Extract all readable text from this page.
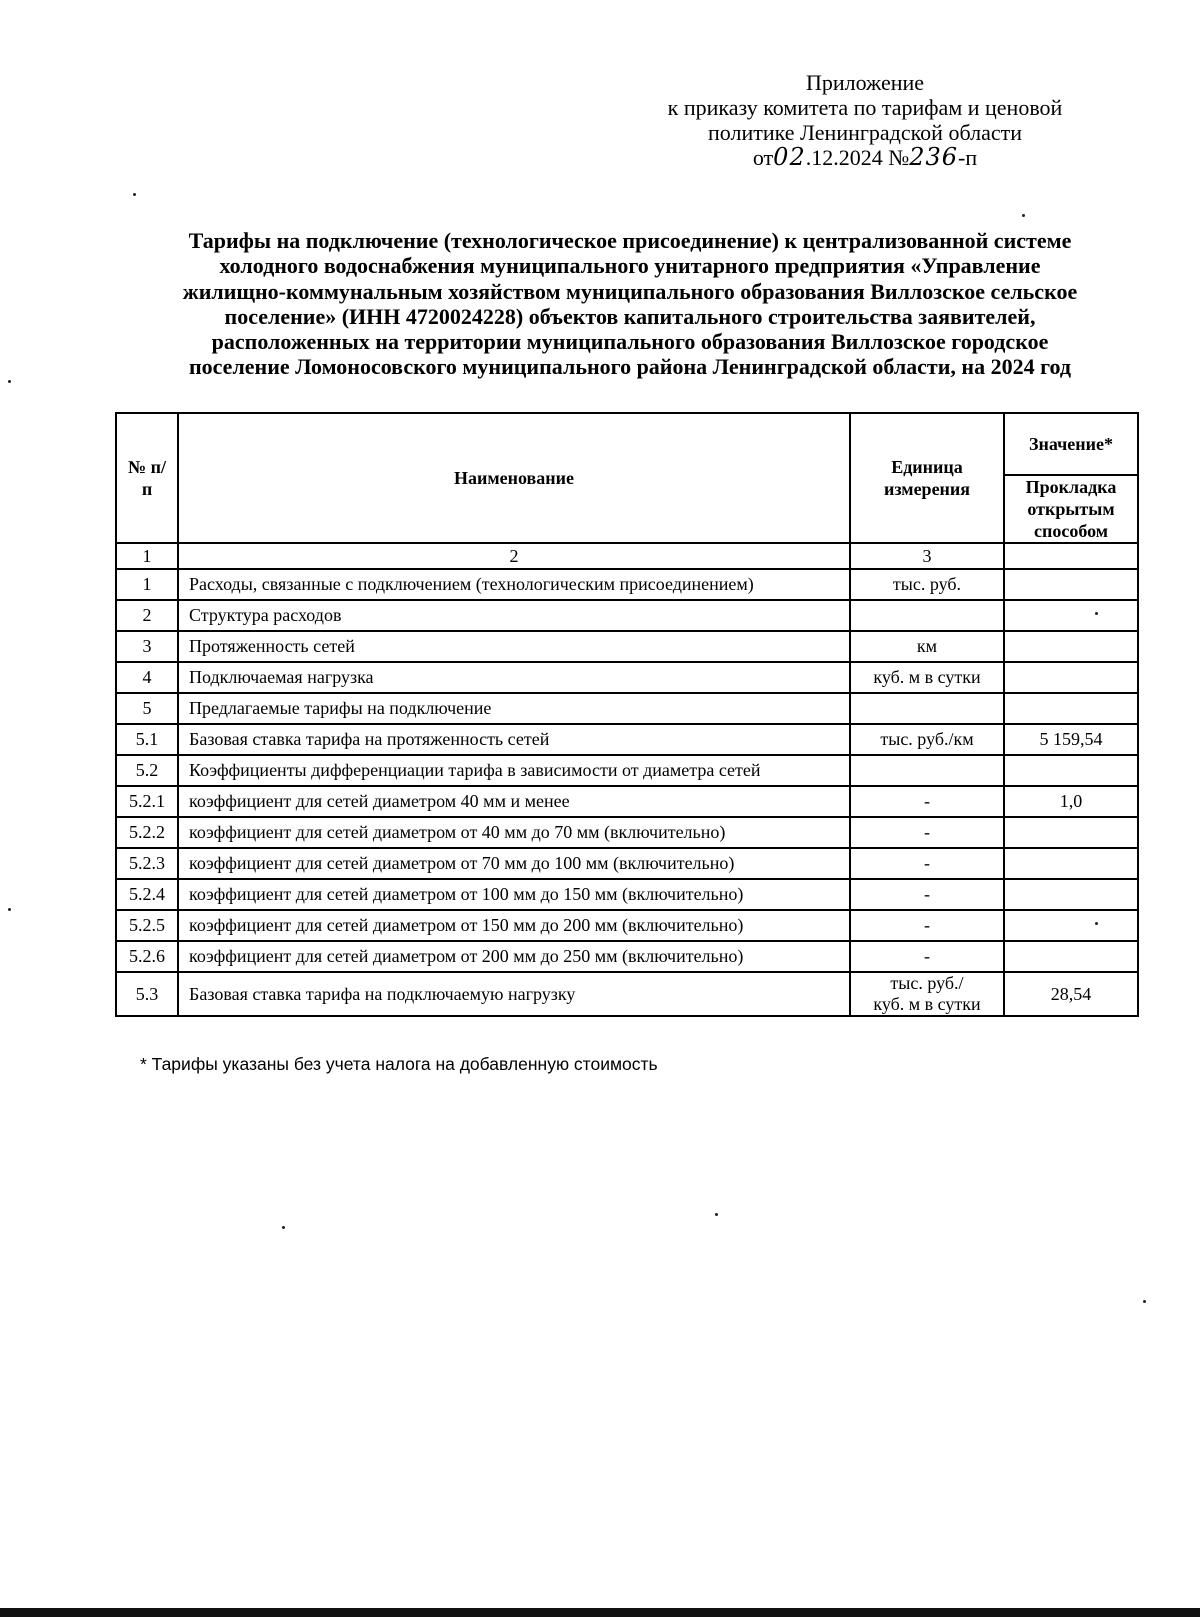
Приложение
к приказу комитета по тарифам и ценовой
политике Ленинградской области
от02.12.2024 №236-п
Тарифы на подключение (технологическое присоединение) к централизованной системе
холодного водоснабжения муниципального унитарного предприятия «Управление
жилищно-коммунальным хозяйством муниципального образования Виллозское сельское
поселение» (ИНН 4720024228) объектов капитального строительства заявителей,
расположенных на территории муниципального образования Виллозское городское
поселение Ломоносовского муниципального района Ленинградской области, на 2024 год
№ п/п	Наименование	Единица измерения	Значение*
			Прокладка открытым способом
1	2	3	
1	Расходы, связанные с подключением (технологическим присоединением)	тыс. руб.	
2	Структура расходов		
3	Протяженность сетей	км	
4	Подключаемая нагрузка	куб. м в сутки	
5	Предлагаемые тарифы на подключение		
5.1	Базовая ставка тарифа на протяженность сетей	тыс. руб./км	5 159,54
5.2	Коэффициенты дифференциации тарифа в зависимости от диаметра сетей		
5.2.1	коэффициент для сетей диаметром 40 мм и менее	-	1,0
5.2.2	коэффициент для сетей диаметром от 40 мм до 70 мм (включительно)	-	
5.2.3	коэффициент для сетей диаметром от 70 мм до 100 мм (включительно)	-	
5.2.4	коэффициент для сетей диаметром от 100 мм до 150 мм (включительно)	-	
5.2.5	коэффициент для сетей диаметром от 150 мм до 200 мм (включительно)	-	
5.2.6	коэффициент для сетей диаметром от 200 мм до 250 мм (включительно)	-	
5.3	Базовая ставка тарифа на подключаемую нагрузку	тыс. руб./
куб. м в сутки	28,54
* Тарифы указаны без учета налога на добавленную стоимость
